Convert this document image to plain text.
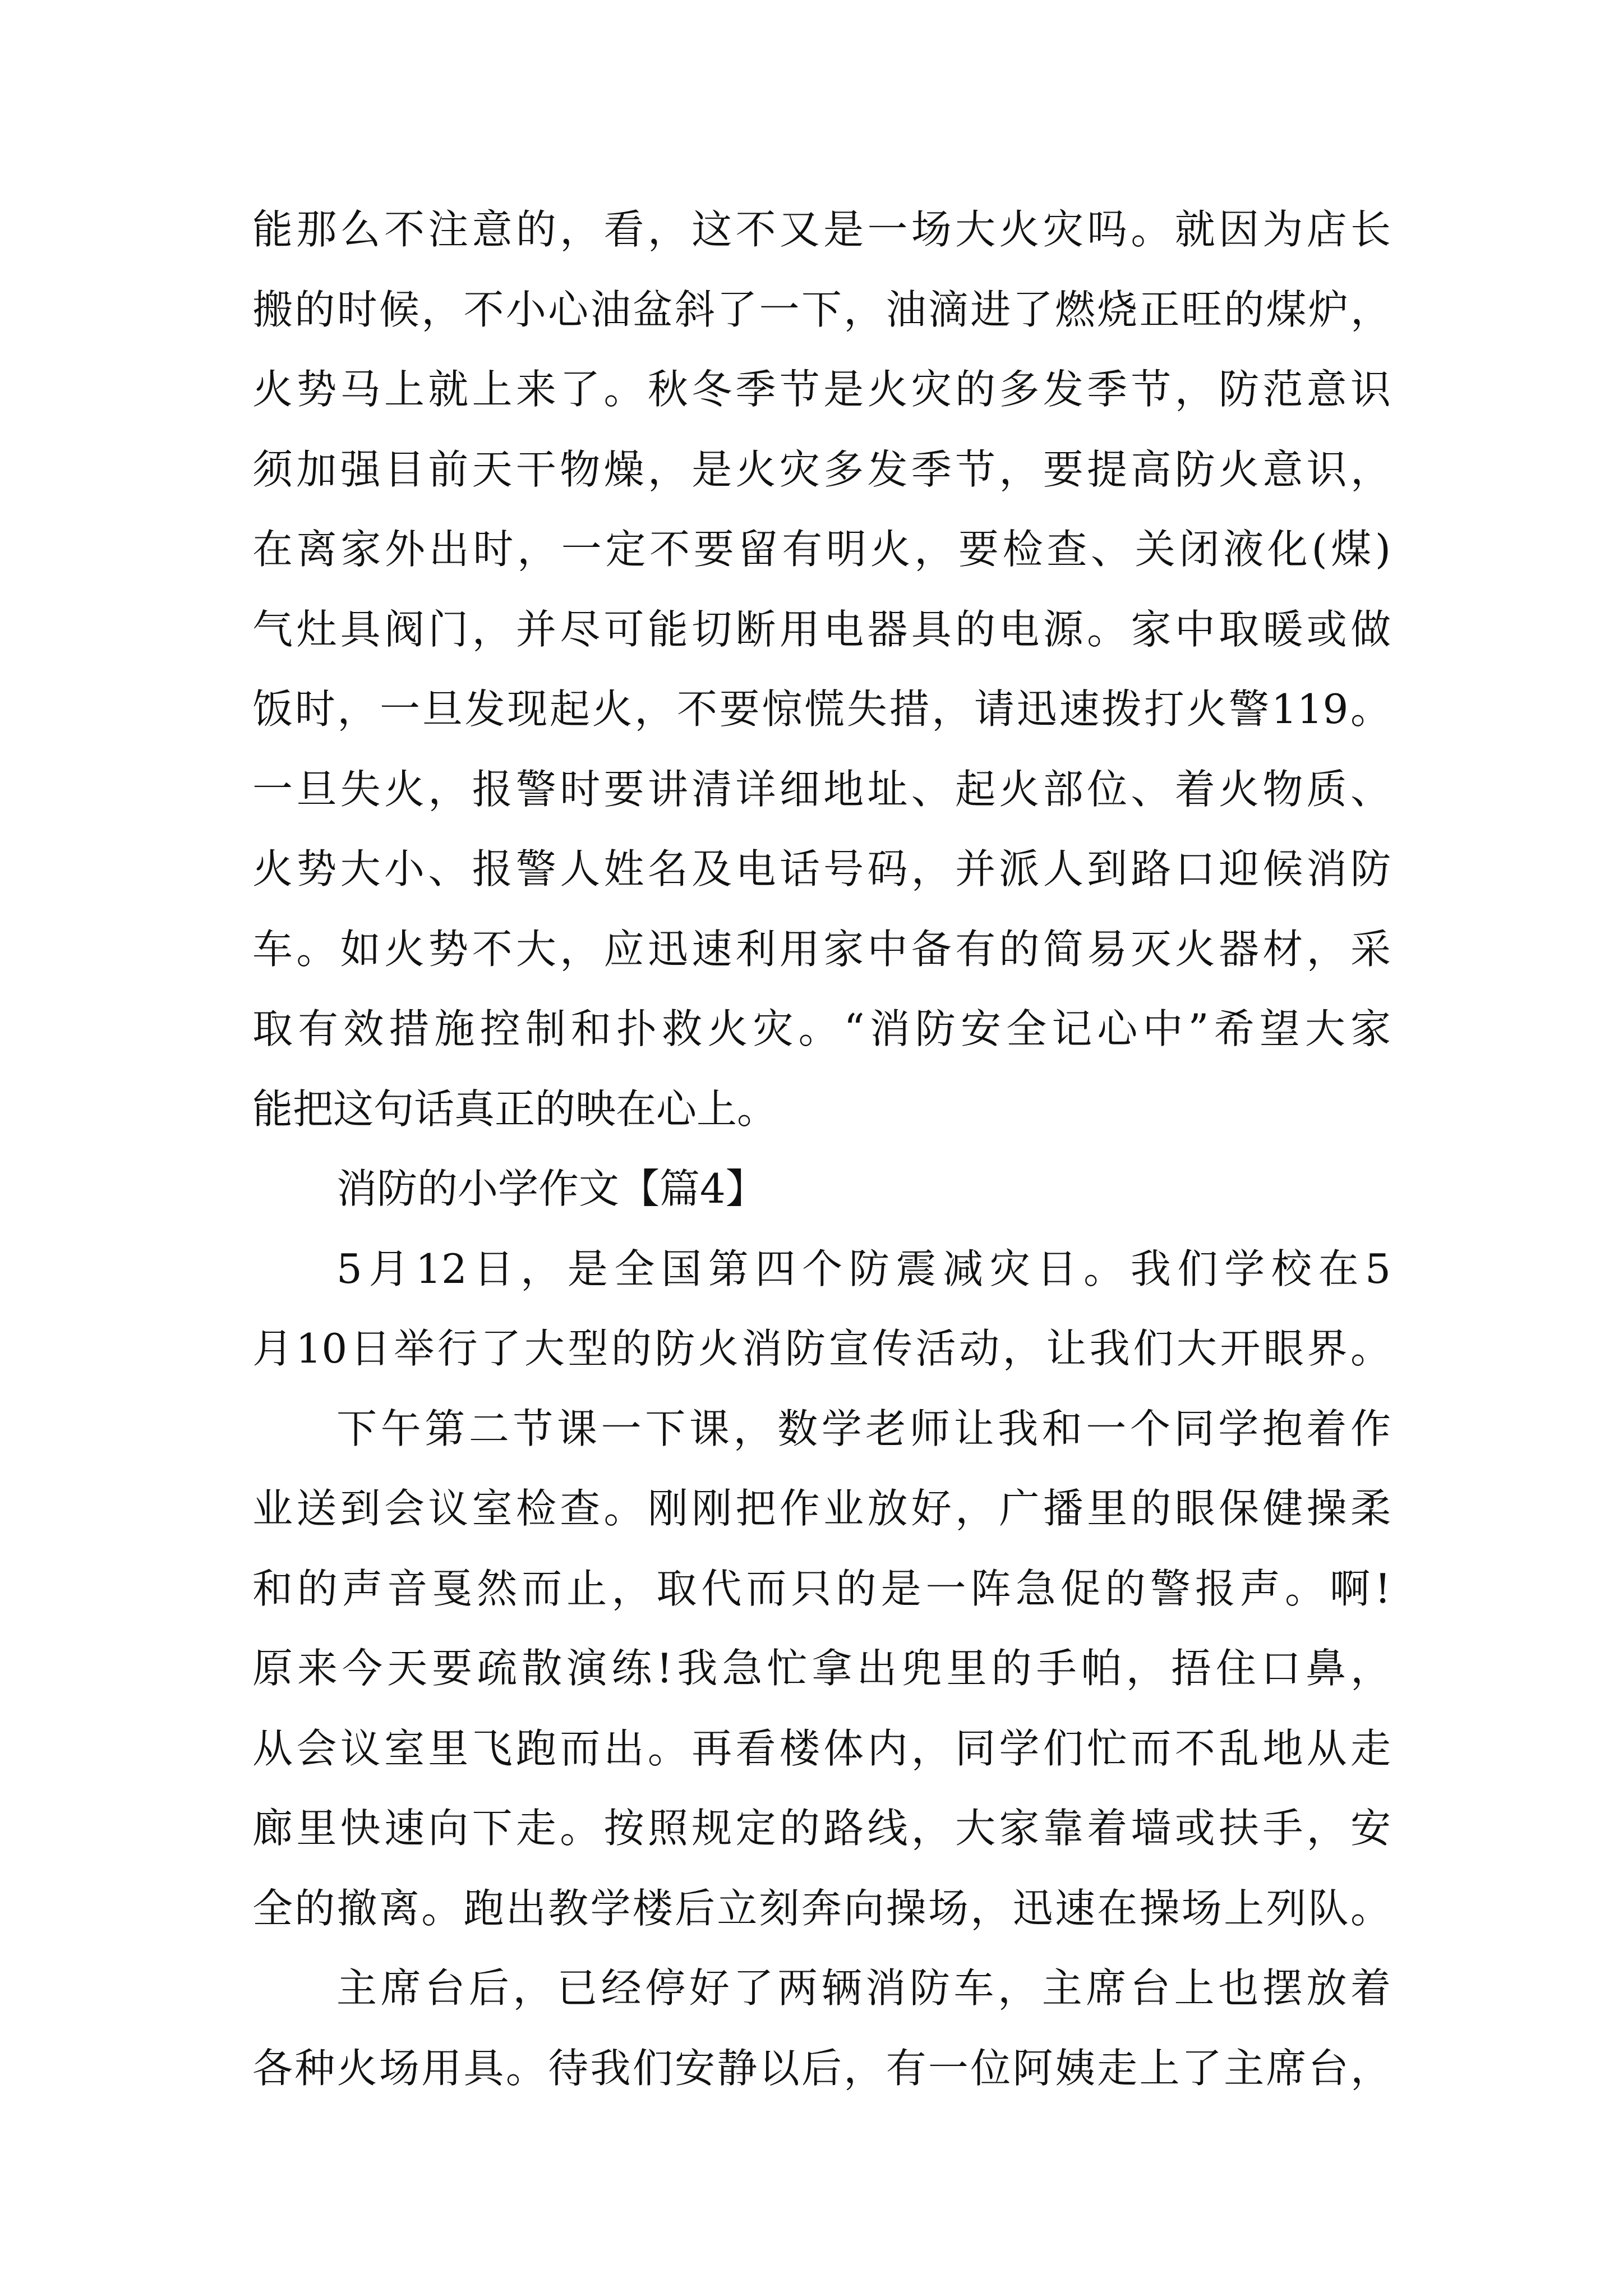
能那么不注意的，看，这不又是一场大火灾吗。就因为店长
搬的时候，不小心油盆斜了一下，油滴进了燃烧正旺的煤炉，
火势马上就上来了。秋冬季节是火灾的多发季节，防范意识
须加强目前天干物燥，是火灾多发季节，要提高防火意识，
在离家外出时，一定不要留有明火，要检查、关闭液化(煤)
气灶具阀门，并尽可能切断用电器具的电源。家中取暖或做
饭时，一旦发现起火，不要惊慌失措，请迅速拨打火警119。
一旦失火，报警时要讲清详细地址、起火部位、着火物质、
火势大小、报警人姓名及电话号码，并派人到路口迎候消防
车。如火势不大，应迅速利用家中备有的简易灭火器材，采
取有效措施控制和扑救火灾。“消防安全记心中”希望大家
能把这句话真正的映在心上。
消防的小学作文【篇4】
5月12日，是全国第四个防震减灾日。我们学校在5
月10日举行了大型的防火消防宣传活动，让我们大开眼界。
下午第二节课一下课，数学老师让我和一个同学抱着作
业送到会议室检查。刚刚把作业放好，广播里的眼保健操柔
和的声音戛然而止，取代而只的是一阵急促的警报声。啊!
原来今天要疏散演练!我急忙拿出兜里的手帕，捂住口鼻，
从会议室里飞跑而出。再看楼体内，同学们忙而不乱地从走
廊里快速向下走。按照规定的路线，大家靠着墙或扶手，安
全的撤离。跑出教学楼后立刻奔向操场，迅速在操场上列队。
主席台后，已经停好了两辆消防车，主席台上也摆放着
各种火场用具。待我们安静以后，有一位阿姨走上了主席台，
